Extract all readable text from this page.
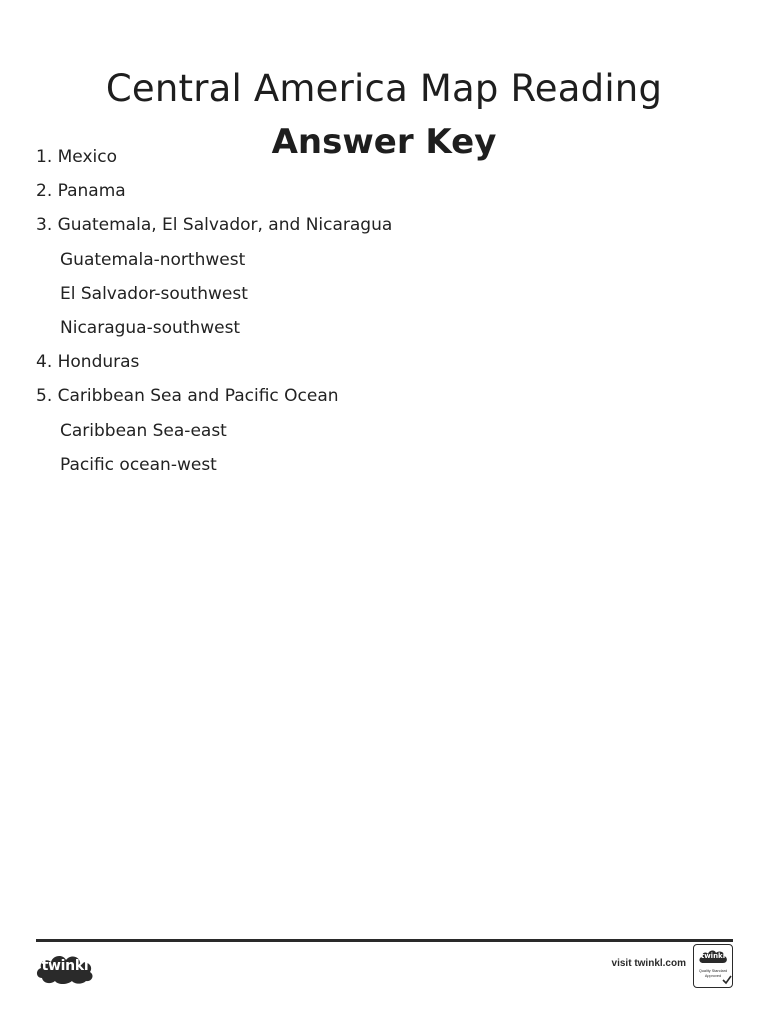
Central America Map Reading
Answer Key
1. Mexico
2. Panama
3. Guatemala, El Salvador, and Nicaragua
Guatemala-northwest
El Salvador-southwest
Nicaragua-southwest
4. Honduras
5. Caribbean Sea and Pacific Ocean
Caribbean Sea-east
Pacific ocean-west
twinkl	visit twinkl.com
twinkl
Quality Standard
Approved
